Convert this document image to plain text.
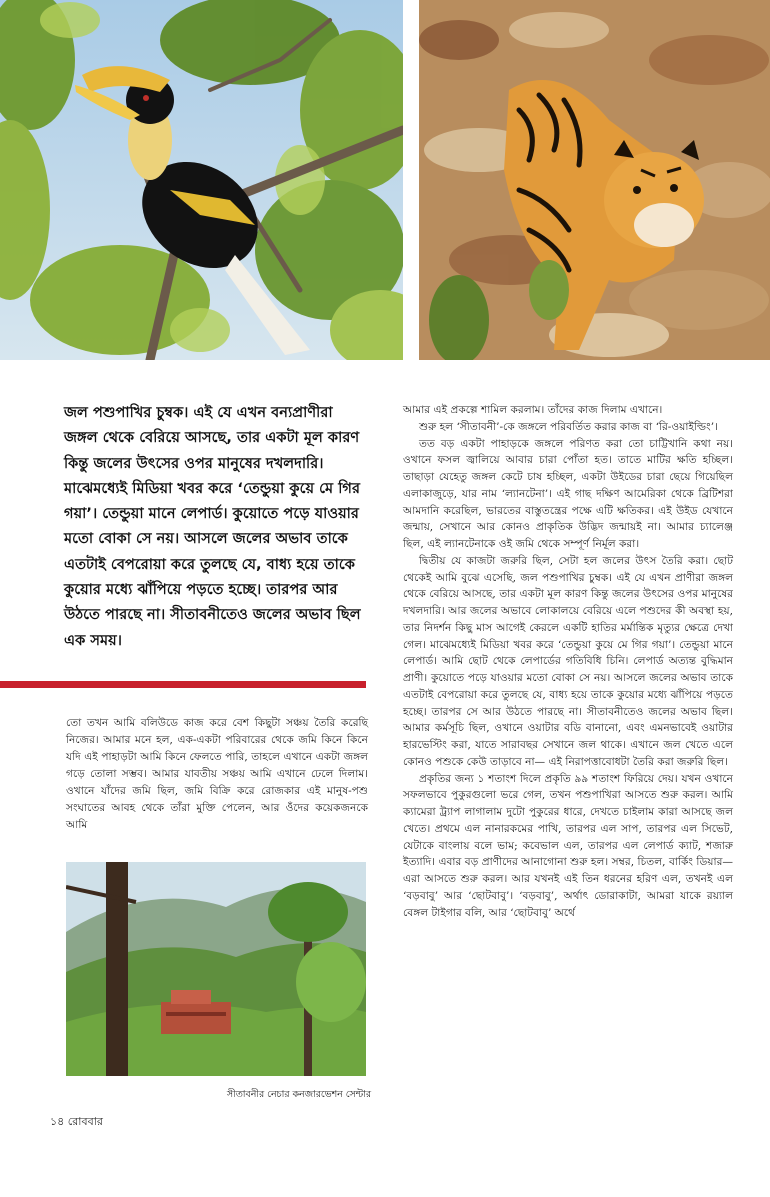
জল পশুপাখির চুম্বক। এই যে এখন বন্যপ্রাণীরা জঙ্গল থেকে বেরিয়ে আসছে, তার একটা মূল কারণ কিন্তু জলের উৎসের ওপর মানুষের দখলদারি। মাঝেমধ্যেই মিডিয়া খবর করে ‘তেন্ডুয়া কুয়ে মে গির গয়া’। তেন্ডুয়া মানে লেপার্ড। কুয়োতে পড়ে যাওয়ার মতো বোকা সে নয়। আসলে জলের অভাব তাকে এতটাই বেপরোয়া করে তুলছে যে, বাধ্য হয়ে তাকে কুয়োর মধ্যে ঝাঁপিয়ে পড়তে হচ্ছে। তারপর আর উঠতে পারছে না। সীতাবনীতেও জলের অভাব ছিল এক সময়।

তো তখন আমি বলিউডে কাজ করে বেশ কিছুটা সঞ্চয় তৈরি করেছি নিজের। আমার মনে হল, এক-একটা পরিবারের থেকে জমি কিনে কিনে যদি এই পাহাড়টা আমি কিনে ফেলতে পারি, তাহলে এখানে একটা জঙ্গল গড়ে তোলা সম্ভব। আমার যাবতীয় সঞ্চয় আমি এখানে ঢেলে দিলাম। ওখানে যাঁদের জমি ছিল, জমি বিক্রি করে রোজকার এই মানুষ-পশু সংঘাতের আবহ থেকে তাঁরা মুক্তি পেলেন, আর ওঁদের কয়েকজনকে আমি

সীতাবনীর নেচার কনজারভেশন সেন্টার

আমার এই প্রকল্পে শামিল করলাম। তাঁদের কাজ দিলাম এখানে।

শুরু হল ‘সীতাবনী’-কে জঙ্গলে পরিবর্তিত করার কাজ বা ‘রি-ওয়াইল্ডিং’।

তত বড় একটা পাহাড়কে জঙ্গলে পরিণত করা তো চাট্টিখানি কথা নয়। ওখানে ফসল জ্বালিয়ে আবার চারা পোঁতা হত। তাতে মাটির ক্ষতি হচ্ছিল। তাছাড়া যেহেতু জঙ্গল কেটে চাষ হচ্ছিল, একটা উইডের চারা ছেয়ে গিয়েছিল এলাকাজুড়ে, যার নাম ‘ল্যানটেনা’। এই গাছ দক্ষিণ আমেরিকা থেকে ব্রিটিশরা আমদানি করেছিল, ভারতের বাস্তুতন্ত্রের পক্ষে এটি ক্ষতিকর। এই উইড যেখানে জন্মায়, সেখানে আর কোনও প্রাকৃতিক উদ্ভিদ জন্মায়ই না। আমার চ্যালেঞ্জ ছিল, এই ল্যানটেনাকে ওই জমি থেকে সম্পূর্ণ নির্মূল করা।

দ্বিতীয় যে কাজটা জরুরি ছিল, সেটা হল জলের উৎস তৈরি করা। ছোট থেকেই আমি বুঝে এসেছি, জল পশুপাখির চুম্বক। এই যে এখন প্রাণীরা জঙ্গল থেকে বেরিয়ে আসছে, তার একটা মূল কারণ কিন্তু জলের উৎসের ওপর মানুষের দখলদারি। আর জলের অভাবে লোকালয়ে বেরিয়ে এলে পশুদের কী অবস্থা হয়, তার নিদর্শন কিছু মাস আগেই কেরলে একটি হাতির মর্মান্তিক মৃত্যুর ক্ষেত্রে দেখা গেল। মাঝেমধ্যেই মিডিয়া খবর করে ‘তেন্ডুয়া কুয়ে মে গির গয়া’। তেন্ডুয়া মানে লেপার্ড। আমি ছোট থেকে লেপার্ডের গতিবিধি চিনি। লেপার্ড অত্যন্ত বুদ্ধিমান প্রাণী। কুয়োতে পড়ে যাওয়ার মতো বোকা সে নয়। আসলে জলের অভাব তাকে এতটাই বেপরোয়া করে তুলছে যে, বাধ্য হয়ে তাকে কুয়োর মধ্যে ঝাঁপিয়ে পড়তে হচ্ছে। তারপর সে আর উঠতে পারছে না। সীতাবনীতেও জলের অভাব ছিল। আমার কর্মসূচি ছিল, ওখানে ওয়াটার বডি বানানো, এবং এমনভাবেই ওয়াটার হারভেস্টিং করা, যাতে সারাবছর সেখানে জল থাকে। এখানে জল খেতে এলে কোনও পশুকে কেউ তাড়াবে না— এই নিরাপত্তাবোধটা তৈরি করা জরুরি ছিল।

প্রকৃতির জন্য ১ শতাংশ দিলে প্রকৃতি ৯৯ শতাংশ ফিরিয়ে দেয়। যখন ওখানে সফলভাবে পুকুরগুলো ভরে গেল, তখন পশুপাখিরা আসতে শুরু করল। আমি ক্যামেরা ট্র্যাপ লাগালাম দুটো পুকুরের ধারে, দেখতে চাইলাম কারা আসছে জল খেতে। প্রথমে এল নানারকমের পাখি, তারপর এল সাপ, তারপর এল সিভেট, যেটাকে বাংলায় বলে ভাম; কবেভাল এল, তারপর এল লেপার্ড ক্যাট, শজারু ইত্যাদি। এবার বড় প্রাণীদের আনাগোনা শুরু হল। সম্বর, চিতল, বার্কিং ডিয়ার— এরা আসতে শুরু করল। আর যখনই এই তিন ধরনের হরিণ এল, তখনই এল ‘বড়বাবু’ আর ‘ছোটবাবু’। ‘বড়বাবু’, অর্থাৎ ডোরাকাটা, আমরা যাকে রয়্যাল বেঙ্গল টাইগার বলি, আর ‘ছোটবাবু’ অর্থে

১৪ রোববার
